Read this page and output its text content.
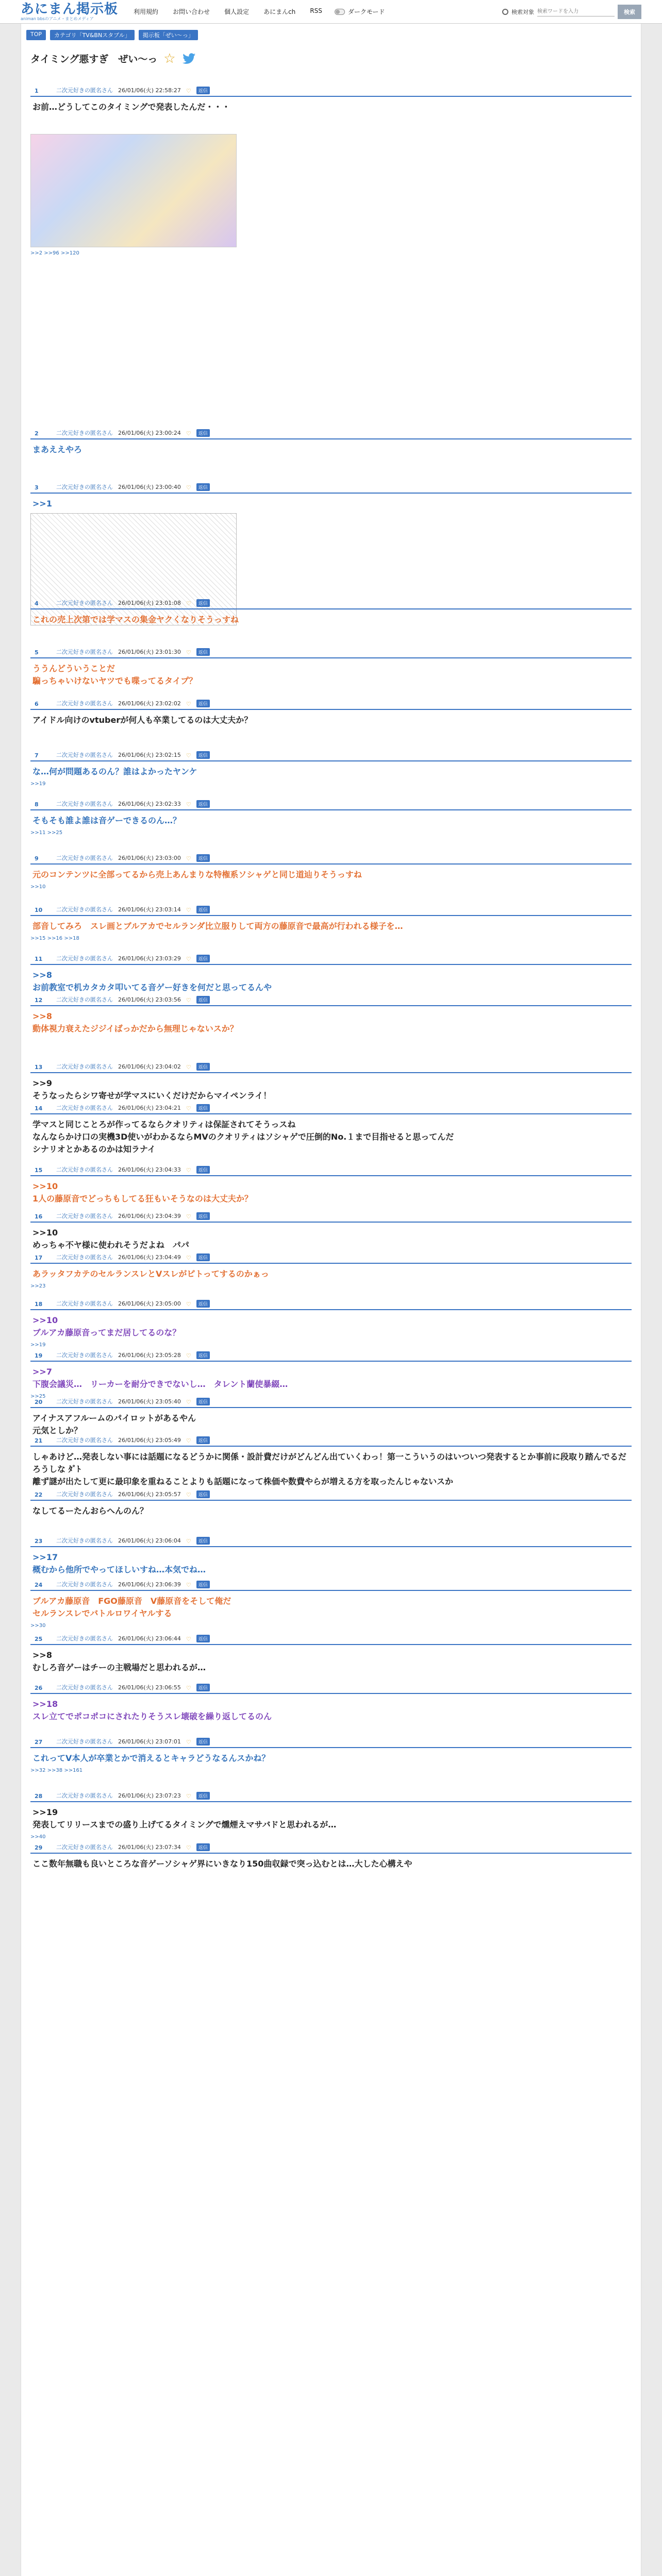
あにまん掲示板
animan bbsのアニメ・まとめメディア
利用規約 お問い合わせ 個人設定 あにまんch RSS	ダークモード	検索対象
検索ワードを入力	検索
TOP	カテゴリ「TV&BNスタブル」	掲示板「ぜい～っ」
タイミング悪すぎ　ぜい～っ ☆
1	二次元好きの匿名さん 26/01/06(火) 22:58:27 ♡	返信
お前…どうしてこのタイミングで発表したんだ・・・
>>2 >>96 >>120
2	二次元好きの匿名さん 26/01/06(火) 23:00:24 ♡	返信
まあええやろ
3	二次元好きの匿名さん 26/01/06(火) 23:00:40 ♡	返信
>>1
4	二次元好きの匿名さん 26/01/06(火) 23:01:08 ♡	返信
これの売上次第では学マスの集金ヤクくなりそうっすね
5	二次元好きの匿名さん 26/01/06(火) 23:01:30 ♡	返信
ううんどういうことだ
騙っちゃいけないヤツでも喋ってるタイプ？
6	二次元好きの匿名さん 26/01/06(火) 23:02:02 ♡	返信
アイドル向けのvtuberが何人も卒業してるのは大丈夫か？
7	二次元好きの匿名さん 26/01/06(火) 23:02:15 ♡	返信
な…何が問題あるのん？誰はよかったヤンケ
>>19
8	二次元好きの匿名さん 26/01/06(火) 23:02:33 ♡	返信
そもそも誰よ誰は音ゲーできるのん…？
>>11 >>25
9	二次元好きの匿名さん 26/01/06(火) 23:03:00 ♡	返信
元のコンテンツに全部ってるから売上あんまりな特権系ソシャゲと同じ道辿りそうっすね
>>10
10	二次元好きの匿名さん 26/01/06(火) 23:03:14 ♡	返信
部音してみろ　スレ画とブルアカでセルランダ比立服りして両方の藤原音で最高が行われる様子を…
>>15 >>16 >>18
11	二次元好きの匿名さん 26/01/06(火) 23:03:29 ♡	返信
>>8
お前教室で机カタカタ叩いてる音ゲー好きを何だと思ってるんや
12	二次元好きの匿名さん 26/01/06(火) 23:03:56 ♡	返信
>>8
動体視力衰えたジジイばっかだから無理じゃないスか？
13	二次元好きの匿名さん 26/01/06(火) 23:04:02 ♡	返信
>>9
そうなったらシワ寄せが学マスにいくだけだからマイペンライ！
14	二次元好きの匿名さん 26/01/06(火) 23:04:21 ♡	返信
学マスと同じことろが作ってるならクオリティは保証されてそうっスね
なんならかけ口の実機3D使いがわかるならMVのクオリティはソシャゲで圧倒的No.１まで目指せると思ってんだ
シナリオとかあるのかは知ラナイ
15	二次元好きの匿名さん 26/01/06(火) 23:04:33 ♡	返信
>>10
1人の藤原音でどっちもしてる狂もいそうなのは大丈夫か？
16	二次元好きの匿名さん 26/01/06(火) 23:04:39 ♡	返信
>>10
めっちゃ不ヤ様に使われそうだよね　パパ
17	二次元好きの匿名さん 26/01/06(火) 23:04:49 ♡	返信
あラッタフカテのセルランスレとVスレがピトってするのかぁっ
>>23
18	二次元好きの匿名さん 26/01/06(火) 23:05:00 ♡	返信
>>10
ブルアカ藤原音ってまだ居してるのな？
>>19
19	二次元好きの匿名さん 26/01/06(火) 23:05:28 ♡	返信
>>7
下腹会議災…　リーカーを耐分できでないし…　タレント蘭使暴綴…
>>25
20	二次元好きの匿名さん 26/01/06(火) 23:05:40 ♡	返信
アイナスアフルームのパイロットがあるやん
元気としか？
21	二次元好きの匿名さん 26/01/06(火) 23:05:49 ♡	返信
しゃあけど…発表しない事には話題になるどうかに関係・設計費だけがどんどん出ていくわっ！第一こういうのはいついつ発表するとか事前に段取り踏んでるだろうしな ﾀﾞﾄ
離ず謎が出たして更に最印象を重ねることよりも話題になって株価や数費やらが増える方を取ったんじゃないスか
22	二次元好きの匿名さん 26/01/06(火) 23:05:57 ♡	返信
なしてるーたんおらへんのん？
23	二次元好きの匿名さん 26/01/06(火) 23:06:04 ♡	返信
>>17
概むから他所でやってほしいすね…本気でね…
24	二次元好きの匿名さん 26/01/06(火) 23:06:39 ♡	返信
ブルアカ藤原音　FGO藤原音　V藤原音をそして俺だ
セルランスレでバトルロワイヤルする
>>30
25	二次元好きの匿名さん 26/01/06(火) 23:06:44 ♡	返信
>>8
むしろ音ゲーはチーの主戦場だと思われるが…
26	二次元好きの匿名さん 26/01/06(火) 23:06:55 ♡	返信
>>18
スレ立てでポコポコにされたりそうスレ壊破を繰り返してるのん
27	二次元好きの匿名さん 26/01/06(火) 23:07:01 ♡	返信
これってV本人が卒業とかで消えるとキャラどうなるんスかね？
>>32 >>38 >>161
28	二次元好きの匿名さん 26/01/06(火) 23:07:23 ♡	返信
>>19
発表してリリースまでの盛り上げてるタイミングで燻煙えマサバドと思われるが…
>>40
29	二次元好きの匿名さん 26/01/06(火) 23:07:34 ♡	返信
ここ数年無職も良いところな音ゲーソシャゲ界にいきなり150曲収録で突っ込むとは…大した心構えや
